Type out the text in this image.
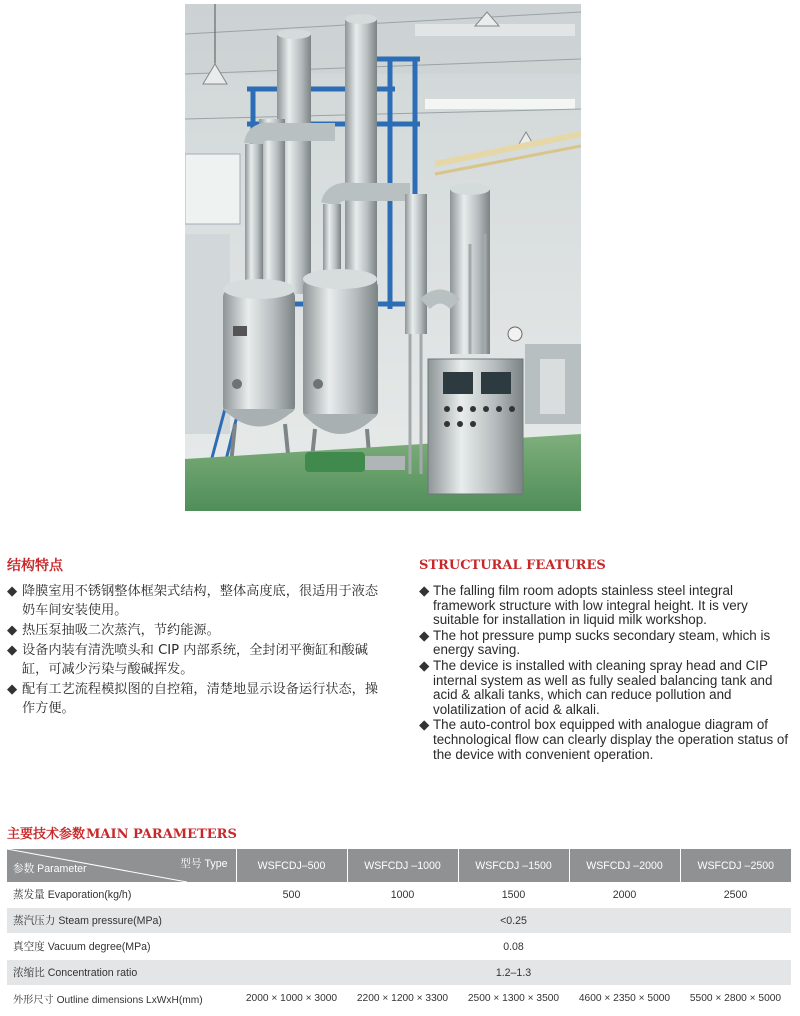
结构特点
◆ 降膜室用不锈钢整体框架式结构，整体高度底，很适用于液态奶车间安装使用。
◆ 热压泵抽吸二次蒸汽，节约能源。
◆ 设备内装有清洗喷头和 CIP 内部系统，全封闭平衡缸和酸碱缸，可减少污染与酸碱挥发。
◆ 配有工艺流程模拟图的自控箱，清楚地显示设备运行状态，操作方便。
STRUCTURAL FEATURES
◆ The falling film room adopts stainless steel integral framework structure with low integral height. It is very suitable for installation in liquid milk workshop.
◆ The hot pressure pump sucks secondary steam, which is energy saving.
◆ The device is installed with cleaning spray head and CIP internal system as well as fully sealed balancing tank and acid & alkali tanks, which can reduce pollution and volatilization of acid & alkali.
◆ The auto-control box equipped with analogue diagram of technological flow can clearly display the operation status of the device with convenient operation.
主要技术参数MAIN PARAMETERS
参数 Parameter 型号 Type	WSFCDJ–500	WSFCDJ –1000	WSFCDJ –1500	WSFCDJ –2000	WSFCDJ –2500
蒸发量 Evaporation(kg/h)	500	1000	1500	2000	2500
蒸汽压力 Steam pressure(MPa)	<0.25				
真空度 Vacuum degree(MPa)	0.08				
浓缩比 Concentration ratio	1.2–1.3				
外形尺寸 Outline dimensions LxWxH(mm)	2000 × 1000 × 3000	2200 × 1200 × 3300	2500 × 1300 × 3500	4600 × 2350 × 5000	5500 × 2800 × 5000
